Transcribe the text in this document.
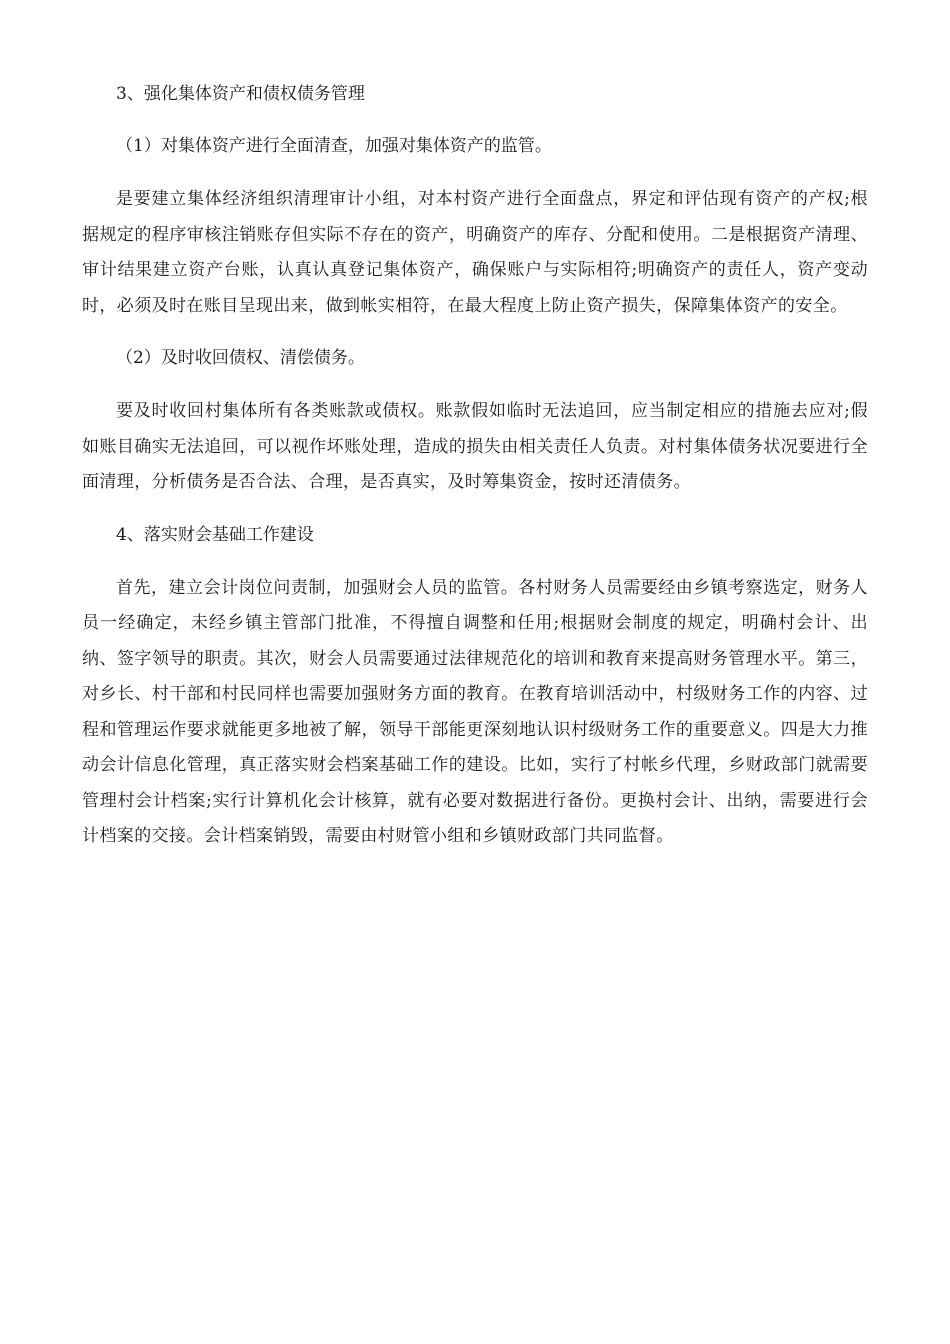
3、强化集体资产和债权债务管理

（1）对集体资产进行全面清查，加强对集体资产的监管。

是要建立集体经济组织清理审计小组，对本村资产进行全面盘点，界定和评估现有资产的产权;根据规定的程序审核注销账存但实际不存在的资产，明确资产的库存、分配和使用。二是根据资产清理、审计结果建立资产台账，认真认真登记集体资产，确保账户与实际相符;明确资产的责任人，资产变动时，必须及时在账目呈现出来，做到帐实相符，在最大程度上防止资产损失，保障集体资产的安全。

（2）及时收回债权、清偿债务。

要及时收回村集体所有各类账款或债权。账款假如临时无法追回，应当制定相应的措施去应对;假如账目确实无法追回，可以视作坏账处理，造成的损失由相关责任人负责。对村集体债务状况要进行全面清理，分析债务是否合法、合理，是否真实，及时筹集资金，按时还清债务。

4、落实财会基础工作建设

首先，建立会计岗位问责制，加强财会人员的监管。各村财务人员需要经由乡镇考察选定，财务人员一经确定，未经乡镇主管部门批准，不得擅自调整和任用;根据财会制度的规定，明确村会计、出纳、签字领导的职责。其次，财会人员需要通过法律规范化的培训和教育来提高财务管理水平。第三，对乡长、村干部和村民同样也需要加强财务方面的教育。在教育培训活动中，村级财务工作的内容、过程和管理运作要求就能更多地被了解，领导干部能更深刻地认识村级财务工作的重要意义。四是大力推动会计信息化管理，真正落实财会档案基础工作的建设。比如，实行了村帐乡代理，乡财政部门就需要管理村会计档案;实行计算机化会计核算，就有必要对数据进行备份。更换村会计、出纳，需要进行会计档案的交接。会计档案销毁，需要由村财管小组和乡镇财政部门共同监督。
